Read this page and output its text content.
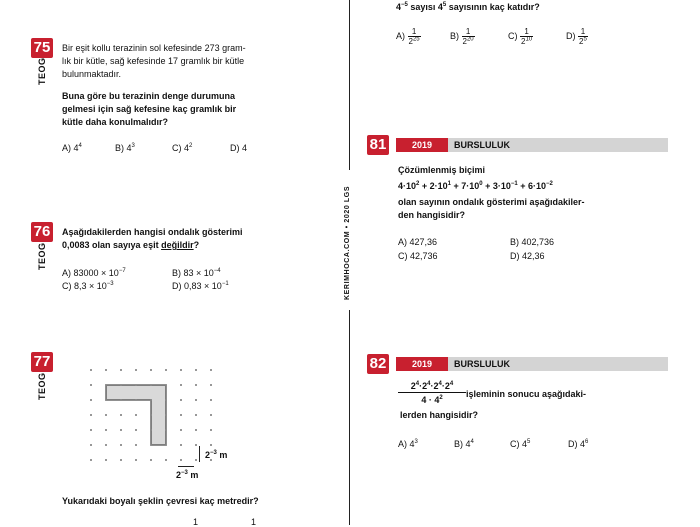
KERIMHOCA.COM • 2020 LGS
75
TEOG
Bir eşit kollu terazinin sol kefesinde 273 gram-
lık bir kütle, sağ kefesinde 17 gramlık bir kütle
bulunmaktadır.
Buna göre bu terazinin denge durumuna
gelmesi için sağ kefesine kaç gramlık bir
kütle daha konulmalıdır?
A) $4^4$	B) $4^3$	C) $4^2$	D) 4
76
TEOG
Aşağıdakilerden hangisi ondalık gösterimi
0,0083 olan sayıya eşit değildir?
A) $83000 \times 10^{-7}$	B) $83 \times 10^{-4}$
C) $8,3 \times 10^{-3}$	D) $0,83 \times 10^{-1}$
77
TEOG
$2^{-3}$ m
$2^{-3}$ m
Yukarıdaki boyalı şeklin çevresi kaç metredir?
1	1
$4^{-5}$ sayısı $4^5$ sayısının kaç katıdır?
$A) \frac{1}{2^{25}}$	$B) \frac{1}{2^{20}}$	$C) \frac{1}{2^{10}}$	$D) \frac{1}{2^5}$
81	2019	BURSLULUK
Çözümlenmiş biçimi
$4\cdot 10^2 + 2\cdot 10^1 + 7\cdot 10^0 + 3\cdot 10^{-1} + 6\cdot 10^{-2}$
olan sayının ondalık gösterimi aşağıdakiler-
den hangisidir?
A) 427,36	B) 402,736
C) 42,736	D) 42,36
82	2019	BURSLULUK
$\frac{2^4\cdot 2^4\cdot 2^4\cdot 2^4}{4 \cdot 4^2}$ işleminin sonucu aşağıdaki-
lerden hangisidir?
A) $4^3$	B) $4^4$	C) $4^5$	D) $4^6$
